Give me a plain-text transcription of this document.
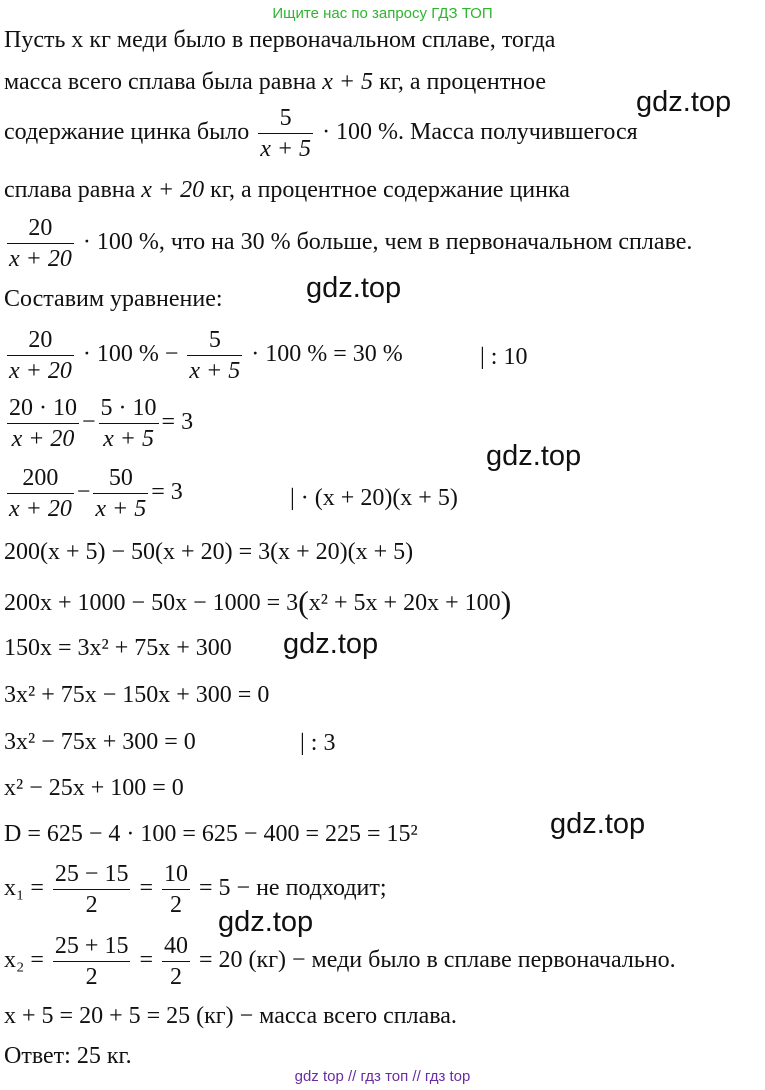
Ищите нас по запросу ГДЗ ТОП
gdz.top
gdz.top
gdz.top
gdz.top
gdz.top
gdz.top
Пусть x кг меди было в первоначальном сплаве, тогда
масса всего сплава была равна x + 5 кг, а процентное
содержание цинка было $\frac{5}{x + 5} \cdot 100$ %. Масса получившегося
сплава равна x + 20 кг, а процентное содержание цинка
$\frac{20}{x + 20} \cdot 100$ %, что на 30 % больше, чем в первоначальном сплаве.
Составим уравнение:
$\frac{20}{x + 20} \cdot 100$ % − $\frac{5}{x + 5} \cdot 100$ % = 30 %	| : 10
$\frac{20 \cdot 10}{x + 20} - \frac{5 \cdot 10}{x + 5} = 3$
$\frac{200}{x + 20} - \frac{50}{x + 5} = 3$	| · (x + 20)(x + 5)
200(x + 5) − 50(x + 20) = 3(x + 20)(x + 5)
200x + 1000 − 50x − 1000 = 3(x² + 5x + 20x + 100)
150x = 3x² + 75x + 300
3x² + 75x − 150x + 300 = 0
3x² − 75x + 300 = 0	| : 3
x² − 25x + 100 = 0
D = 625 − 4 · 100 = 625 − 400 = 225 = 15²
$x_1 = \frac{25 - 15}{2} = \frac{10}{2} = 5$ − не подходит;
$x_2 = \frac{25 + 15}{2} = \frac{40}{2} = 20$ (кг) − меди было в сплаве первоначально.
x + 5 = 20 + 5 = 25 (кг) − масса всего сплава.
Ответ: 25 кг.
gdz top // гдз топ // гдз top
